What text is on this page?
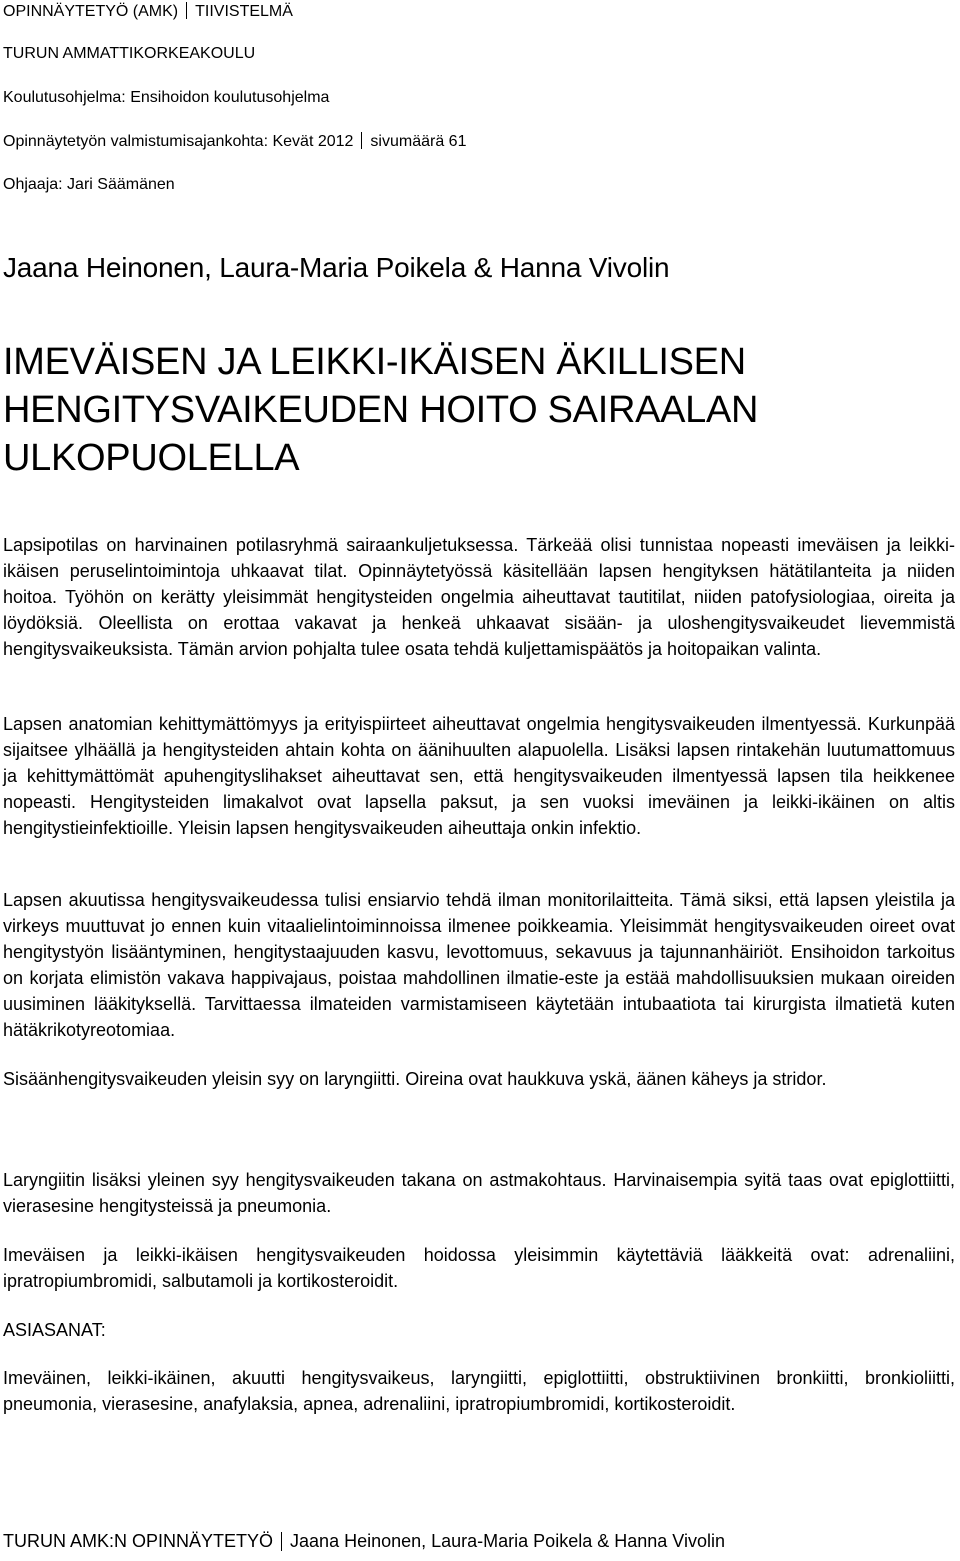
OPINNÄYTETYÖ (AMK) TIIVISTELMÄ
TURUN AMMATTIKORKEAKOULU
Koulutusohjelma: Ensihoidon koulutusohjelma
Opinnäytetyön valmistumisajankohta: Kevät 2012 sivumäärä 61
Ohjaaja: Jari Säämänen
Jaana Heinonen, Laura-Maria Poikela & Hanna Vivolin
IMEVÄISEN JA LEIKKI-IKÄISEN ÄKILLISEN
HENGITYSVAIKEUDEN HOITO SAIRAALAN
ULKOPUOLELLA

Lapsipotilas on harvinainen potilasryhmä sairaankuljetuksessa. Tärkeää olisi tunnistaa nopeasti imeväisen ja leikki-ikäisen peruselintoimintoja uhkaavat tilat. Opinnäytetyössä käsitellään lapsen hengityksen hätätilanteita ja niiden hoitoa. Työhön on kerätty yleisimmät hengitysteiden ongelmia aiheuttavat tautitilat, niiden patofysiologiaa, oireita ja löydöksiä. Oleellista on erottaa vakavat ja henkeä uhkaavat sisään- ja uloshengitysvaikeudet lievemmistä hengitysvaikeuksista. Tämän arvion pohjalta tulee osata tehdä kuljettamispäätös ja hoitopaikan valinta.

Lapsen anatomian kehittymättömyys ja erityispiirteet aiheuttavat ongelmia hengitysvaikeuden ilmentyessä. Kurkunpää sijaitsee ylhäällä ja hengitysteiden ahtain kohta on äänihuulten alapuolella. Lisäksi lapsen rintakehän luutumattomuus ja kehittymättömät apuhengityslihakset aiheuttavat sen, että hengitysvaikeuden ilmentyessä lapsen tila heikkenee nopeasti. Hengitysteiden limakalvot ovat lapsella paksut, ja sen vuoksi imeväinen ja leikki-ikäinen on altis hengitystieinfektioille. Yleisin lapsen hengitysvaikeuden aiheuttaja onkin infektio.

Lapsen akuutissa hengitysvaikeudessa tulisi ensiarvio tehdä ilman monitorilaitteita. Tämä siksi, että lapsen yleistila ja virkeys muuttuvat jo ennen kuin vitaalielintoiminnoissa ilmenee poikkeamia. Yleisimmät hengitysvaikeuden oireet ovat hengitystyön lisääntyminen, hengitystaajuuden kasvu, levottomuus, sekavuus ja tajunnanhäiriöt. Ensihoidon tarkoitus on korjata elimistön vakava happivajaus, poistaa mahdollinen ilmatie-este ja estää mahdollisuuksien mukaan oireiden uusiminen lääkityksellä. Tarvittaessa ilmateiden varmistamiseen käytetään intubaatiota tai kirurgista ilmatietä kuten hätäkrikotyreotomiaa.

Sisäänhengitysvaikeuden yleisin syy on laryngiitti. Oireina ovat haukkuva yskä, äänen käheys ja stridor.

Laryngiitin lisäksi yleinen syy hengitysvaikeuden takana on astmakohtaus. Harvinaisempia syitä taas ovat epiglottiitti, vierasesine hengitysteissä ja pneumonia.

Imeväisen ja leikki-ikäisen hengitysvaikeuden hoidossa yleisimmin käytettäviä lääkkeitä ovat: adrenaliini, ipratropiumbromidi, salbutamoli ja kortikosteroidit.

ASIASANAT:

Imeväinen, leikki-ikäinen, akuutti hengitysvaikeus, laryngiitti, epiglottiitti, obstruktiivinen bronkiitti, bronkioliitti, pneumonia, vierasesine, anafylaksia, apnea, adrenaliini, ipratropiumbromidi, kortikosteroidit.

TURUN AMK:N OPINNÄYTETYÖ Jaana Heinonen, Laura-Maria Poikela & Hanna Vivolin
